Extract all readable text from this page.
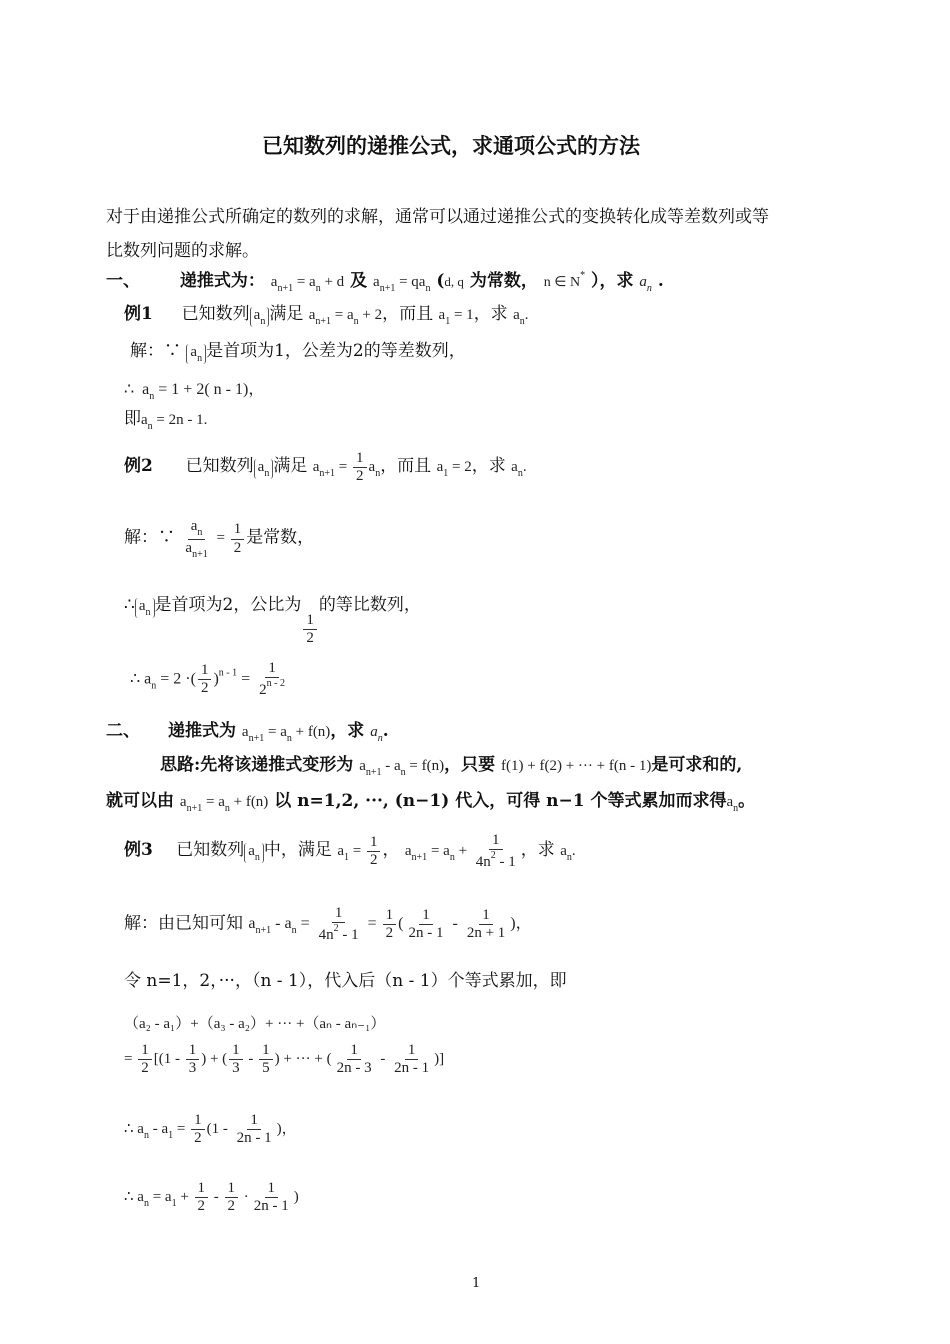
已知数列的递推公式，求通项公式的方法
对于由递推公式所确定的数列的求解，通常可以通过递推公式的变换转化成等差数列或等
比数列问题的求解。
一、 递推式为： $a_{n+1} = a_n + d$ 及 $a_{n+1} = qa_n$ (d, q 为常数， n ∈ N* ），求 $a_n$ .
例1 已知数列 $a_n$ 满足 $a_{n+1} = a_n + 2$，而且 $a_1 = 1$，求 $a_n$.
解：∵ $a_n$ 是首项为1，公差为2的等差数列，
∴  $a_n = 1 + 2$( n - 1)，
即$a_n = 2n - 1$.
例2 已知数列 $a_n$ 满足 $a_{n+1} = \frac{1}{2} a_n$，而且 $a_1 = 2$，求 $a_n$.
解：∵ $\frac{a_n}{a_{n+1}} = \frac{1}{2}$ 是常数，
∴ $a_n$ 是首项为2，公比为
$\frac{1}{2}$
的等比数列，
∴ $a_n = 2$ ·( $\frac{1}{2} )^{n - 1} = \frac{1}{2^{n - 2}}$
二、 递推式为 $a_{n+1} = a_n + f(n)$，求 $a_n$.
思路:先将该递推式变形为 $a_{n+1} - a_n = f(n)$，只要 f(1) + f(2) + ··· + f(n - 1)是可求和的,
就可以由 $a_{n+1} = a_n + f(n)$ 以 n=1,2, ···, (n−1) 代入，可得 n−1 个等式累加而求得$a_n$。
例3 已知数列 $a_n$ 中，满足 $a_1 = \frac{1}{2}$ ， $a_{n+1} = a_n + \frac{1}{4n^2 - 1}$ ，求 $a_n$.
解：由已知可知 $a_{n+1} - a_n = \frac{1}{4n^2 - 1} = \frac{1}{2}$ ( $\frac{1}{2n - 1} - \frac{1}{2n + 1}$ )，
令 n=1，2，···，（n - 1），代入后（n - 1）个等式累加，即
（a₂ - a₁）+（a₃ - a₂）+ ··· +（aₙ - aₙ₋₁）
= $\frac{1}{2} [(1 - \frac{1}{3}$ ) + ( $\frac{1}{3} - \frac{1}{5}$ ) + ··· + ( $\frac{1}{2n - 3} - \frac{1}{2n - 1}$ )]
∴ $a_n - a_1 = \frac{1}{2} (1 - \frac{1}{2n - 1}$ )，
∴ $a_n = a_1 + \frac{1}{2} - \frac{1}{2} \cdot \frac{1}{2n - 1}$ )
1
